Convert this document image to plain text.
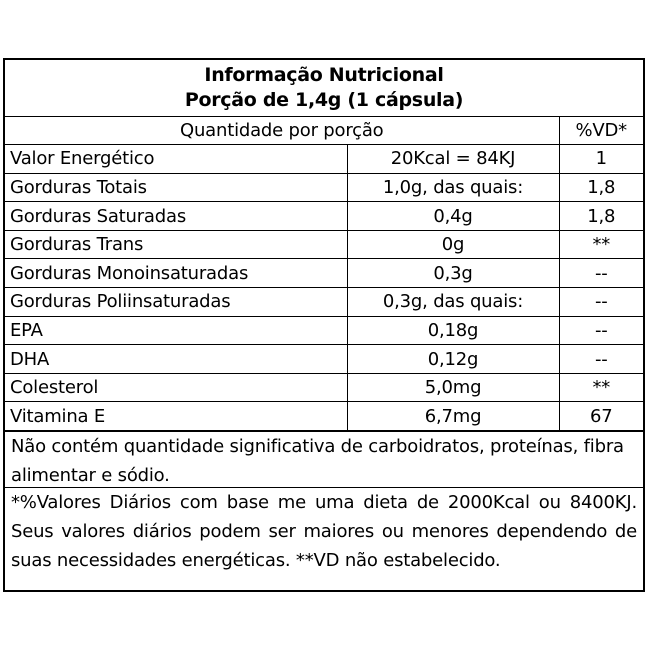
Informação Nutricional
Porção de 1,4g (1 cápsula)
Quantidade por porção		%VD*
Valor Energético	20Kcal = 84KJ	1
Gorduras Totais	1,0g, das quais:	1,8
Gorduras Saturadas	0,4g	1,8
Gorduras Trans	0g	**
Gorduras Monoinsaturadas	0,3g	--
Gorduras Poliinsaturadas	0,3g, das quais:	--
EPA	0,18g	--
DHA	0,12g	--
Colesterol	5,0mg	**
Vitamina E	6,7mg	67
Não contém quantidade significativa de carboidratos, proteínas, fibra alimentar e sódio.
*%Valores Diários com base me uma dieta de 2000Kcal ou 8400KJ. Seus valores diários podem ser maiores ou menores dependendo de suas necessidades energéticas. **VD não estabelecido.
